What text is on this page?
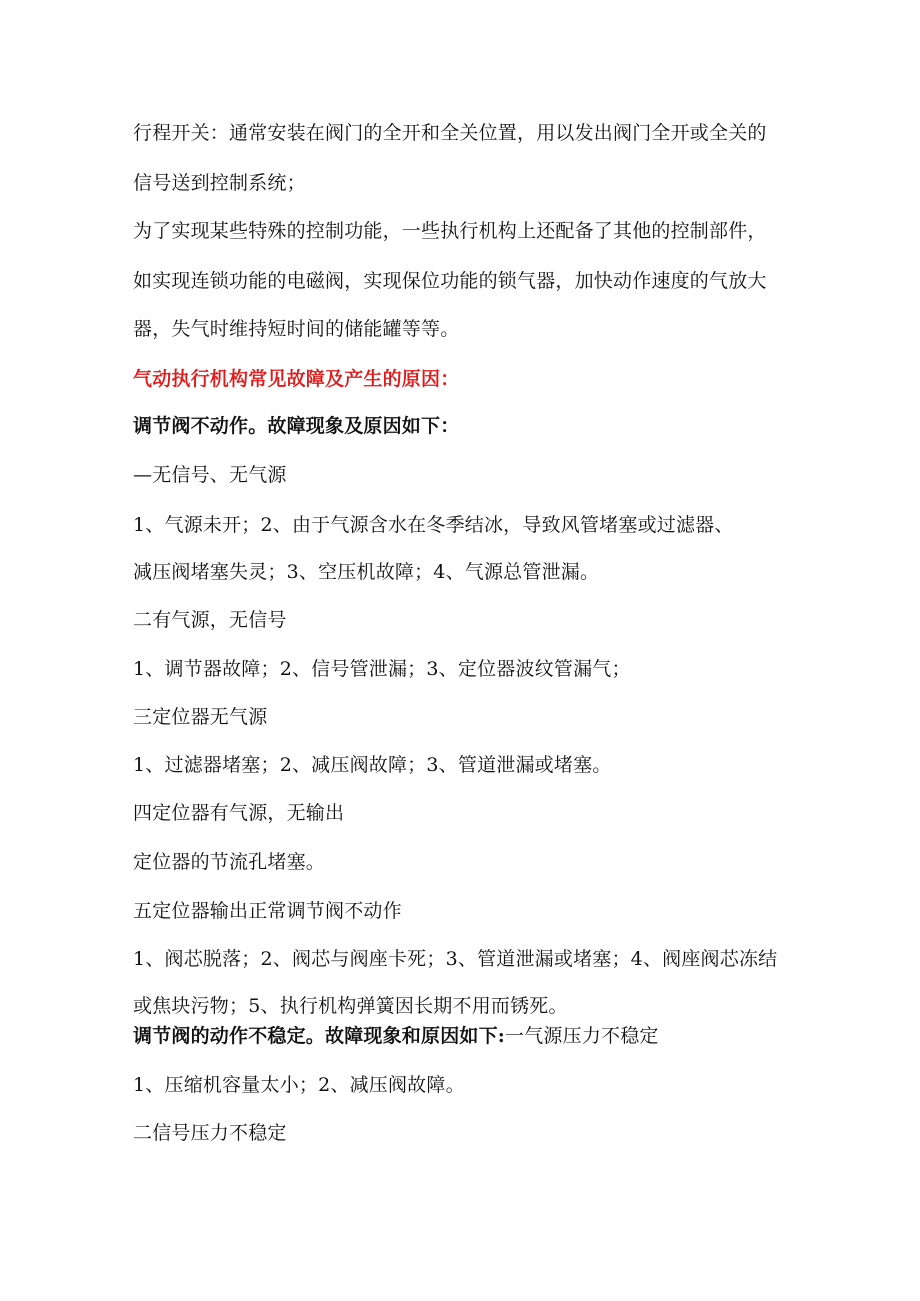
行程开关：通常安装在阀门的全开和全关位置，用以发出阀门全开或全关的
信号送到控制系统；
为了实现某些特殊的控制功能，一些执行机构上还配备了其他的控制部件，
如实现连锁功能的电磁阀，实现保位功能的锁气器，加快动作速度的气放大
器，失气时维持短时间的储能罐等等。
气动执行机构常见故障及产生的原因：
调节阀不动作。故障现象及原因如下：
—无信号、无气源
1、气源未开；2、由于气源含水在冬季结冰，导致风管堵塞或过滤器、
减压阀堵塞失灵；3、空压机故障；4、气源总管泄漏。
二有气源，无信号
1、调节器故障；2、信号管泄漏；3、定位器波纹管漏气；
三定位器无气源
1、过滤器堵塞；2、减压阀故障；3、管道泄漏或堵塞。
四定位器有气源，无输出
定位器的节流孔堵塞。
五定位器输出正常调节阀不动作
1、阀芯脱落；2、阀芯与阀座卡死；3、管道泄漏或堵塞；4、阀座阀芯冻结
或焦块污物；5、执行机构弹簧因长期不用而锈死。
调节阀的动作不稳定。故障现象和原因如下:一气源压力不稳定
1、压缩机容量太小；2、减压阀故障。
二信号压力不稳定
